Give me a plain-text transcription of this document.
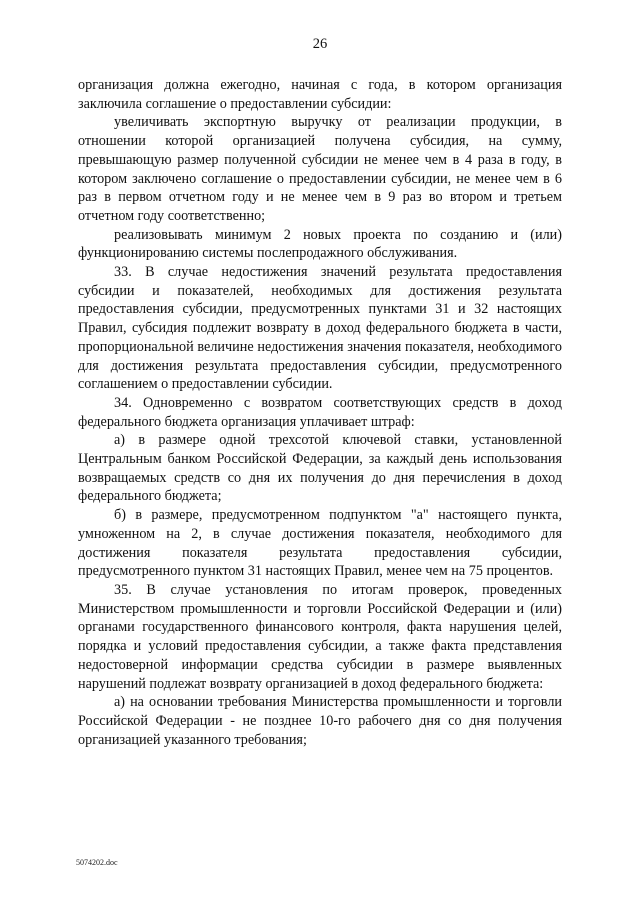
26

организация должна ежегодно, начиная с года, в котором организация заключила соглашение о предоставлении субсидии:

увеличивать экспортную выручку от реализации продукции, в отношении которой организацией получена субсидия, на сумму, превышающую размер полученной субсидии не менее чем в 4 раза в году, в котором заключено соглашение о предоставлении субсидии, не менее чем в 6 раз в первом отчетном году и не менее чем в 9 раз во втором и третьем отчетном году соответственно;

реализовывать минимум 2 новых проекта по созданию и (или) функционированию системы послепродажного обслуживания.

33. В случае недостижения значений результата предоставления субсидии и показателей, необходимых для достижения результата предоставления субсидии, предусмотренных пунктами 31 и 32 настоящих Правил, субсидия подлежит возврату в доход федерального бюджета в части, пропорциональной величине недостижения значения показателя, необходимого для достижения результата предоставления субсидии, предусмотренного соглашением о предоставлении субсидии.

34. Одновременно с возвратом соответствующих средств в доход федерального бюджета организация уплачивает штраф:

а) в размере одной трехсотой ключевой ставки, установленной Центральным банком Российской Федерации, за каждый день использования возвращаемых средств со дня их получения до дня перечисления в доход федерального бюджета;

б) в размере, предусмотренном подпунктом "а" настоящего пункта, умноженном на 2, в случае достижения показателя, необходимого для достижения показателя результата предоставления субсидии, предусмотренного пунктом 31 настоящих Правил, менее чем на 75 процентов.

35. В случае установления по итогам проверок, проведенных Министерством промышленности и торговли Российской Федерации и (или) органами государственного финансового контроля, факта нарушения целей, порядка и условий предоставления субсидии, а также факта представления недостоверной информации средства субсидии в размере выявленных нарушений подлежат возврату организацией в доход федерального бюджета:

а) на основании требования Министерства промышленности и торговли Российской Федерации - не позднее 10-го рабочего дня со дня получения организацией указанного требования;

5074202.doc
